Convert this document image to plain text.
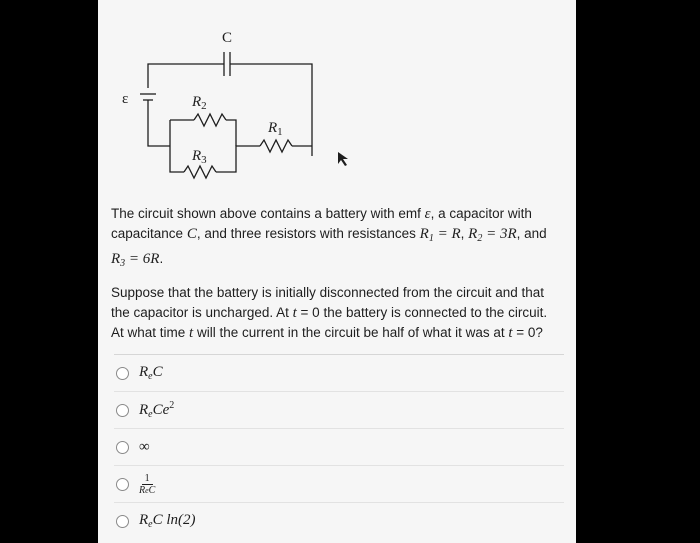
C
ε	$R_2$
$R_1$
$R_3$

The circuit shown above contains a battery with emf ε, a capacitor with capacitance C, and three resistors with resistances $R_1 = R$, $R_2 = 3R$, and $R_3 = 6R$.

Suppose that the battery is initially disconnected from the circuit and that the capacitor is uncharged. At t = 0 the battery is connected to the circuit. At what time t will the current in the circuit be half of what it was at t = 0?

$R_eC$
$R_eCe^2$
∞
$\frac{1}{\text{ReC}}$
$R_eC$ ln(2)
